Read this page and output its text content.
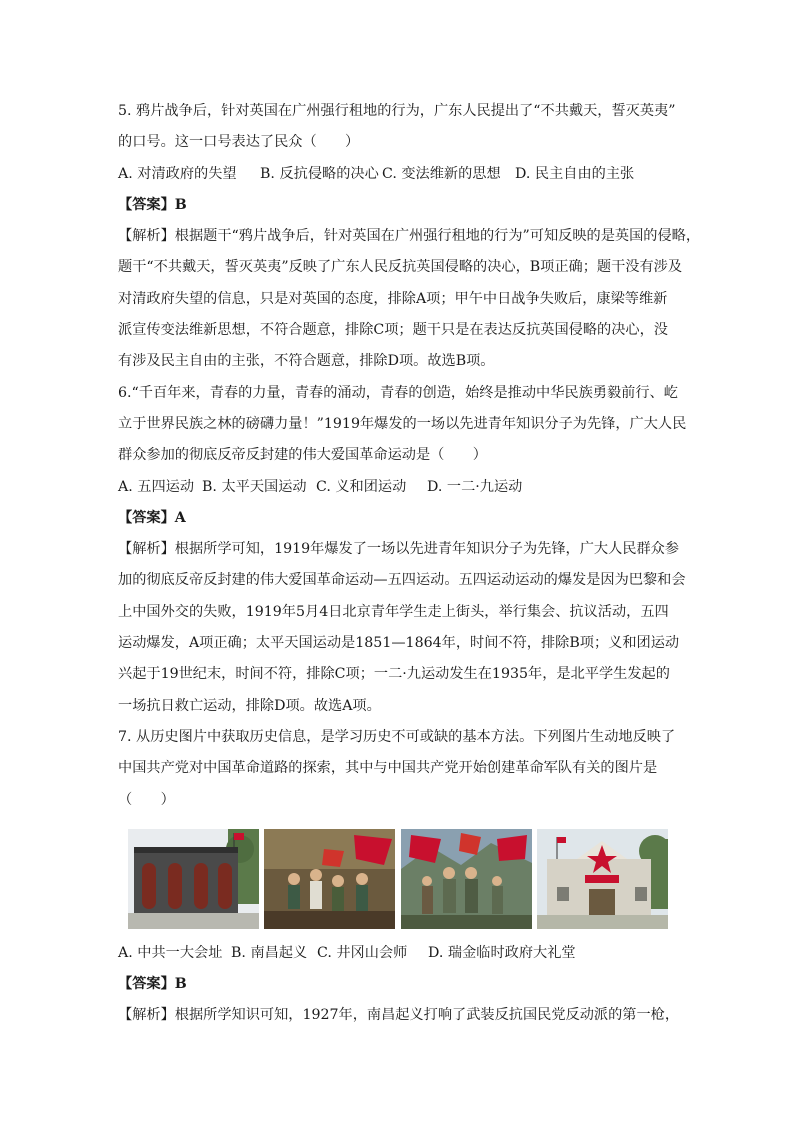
5. 鸦片战争后，针对英国在广州强行租地的行为，广东人民提出了“不共戴天，誓灭英夷”
的口号。这一口号表达了民众（　　）
A. 对清政府的失望	B. 反抗侵略的决心 C. 变法维新的思想	D. 民主自由的主张
【答案】B
【解析】根据题干“鸦片战争后，针对英国在广州强行租地的行为”可知反映的是英国的侵略，
题干“不共戴天，誓灭英夷”反映了广东人民反抗英国侵略的决心，B项正确；题干没有涉及
对清政府失望的信息，只是对英国的态度，排除A项；甲午中日战争失败后，康梁等维新
派宣传变法维新思想，不符合题意，排除C项；题干只是在表达反抗英国侵略的决心，没
有涉及民主自由的主张，不符合题意，排除D项。故选B项。
6.“千百年来，青春的力量，青春的涌动，青春的创造，始终是推动中华民族勇毅前行、屹
立于世界民族之林的磅礴力量！”1919年爆发的一场以先进青年知识分子为先锋，广大人民
群众参加的彻底反帝反封建的伟大爱国革命运动是（　　）
A. 五四运动 B. 太平天国运动 C. 义和团运动	D. 一二·九运动
【答案】A
【解析】根据所学可知，1919年爆发了一场以先进青年知识分子为先锋，广大人民群众参
加的彻底反帝反封建的伟大爱国革命运动—五四运动。五四运动运动的爆发是因为巴黎和会
上中国外交的失败，1919年5月4日北京青年学生走上街头，举行集会、抗议活动，五四
运动爆发，A项正确；太平天国运动是1851—1864年，时间不符，排除B项；义和团运动
兴起于19世纪末，时间不符，排除C项；一二·九运动发生在1935年，是北平学生发起的
一场抗日救亡运动，排除D项。故选A项。
7. 从历史图片中获取历史信息，是学习历史不可或缺的基本方法。下列图片生动地反映了
中国共产党对中国革命道路的探索，其中与中国共产党开始创建革命军队有关的图片是
（　　）
A. 中共一大会址 B. 南昌起义 C. 井冈山会师	D. 瑞金临时政府大礼堂
【答案】B
【解析】根据所学知识可知，1927年，南昌起义打响了武装反抗国民党反动派的第一枪，
